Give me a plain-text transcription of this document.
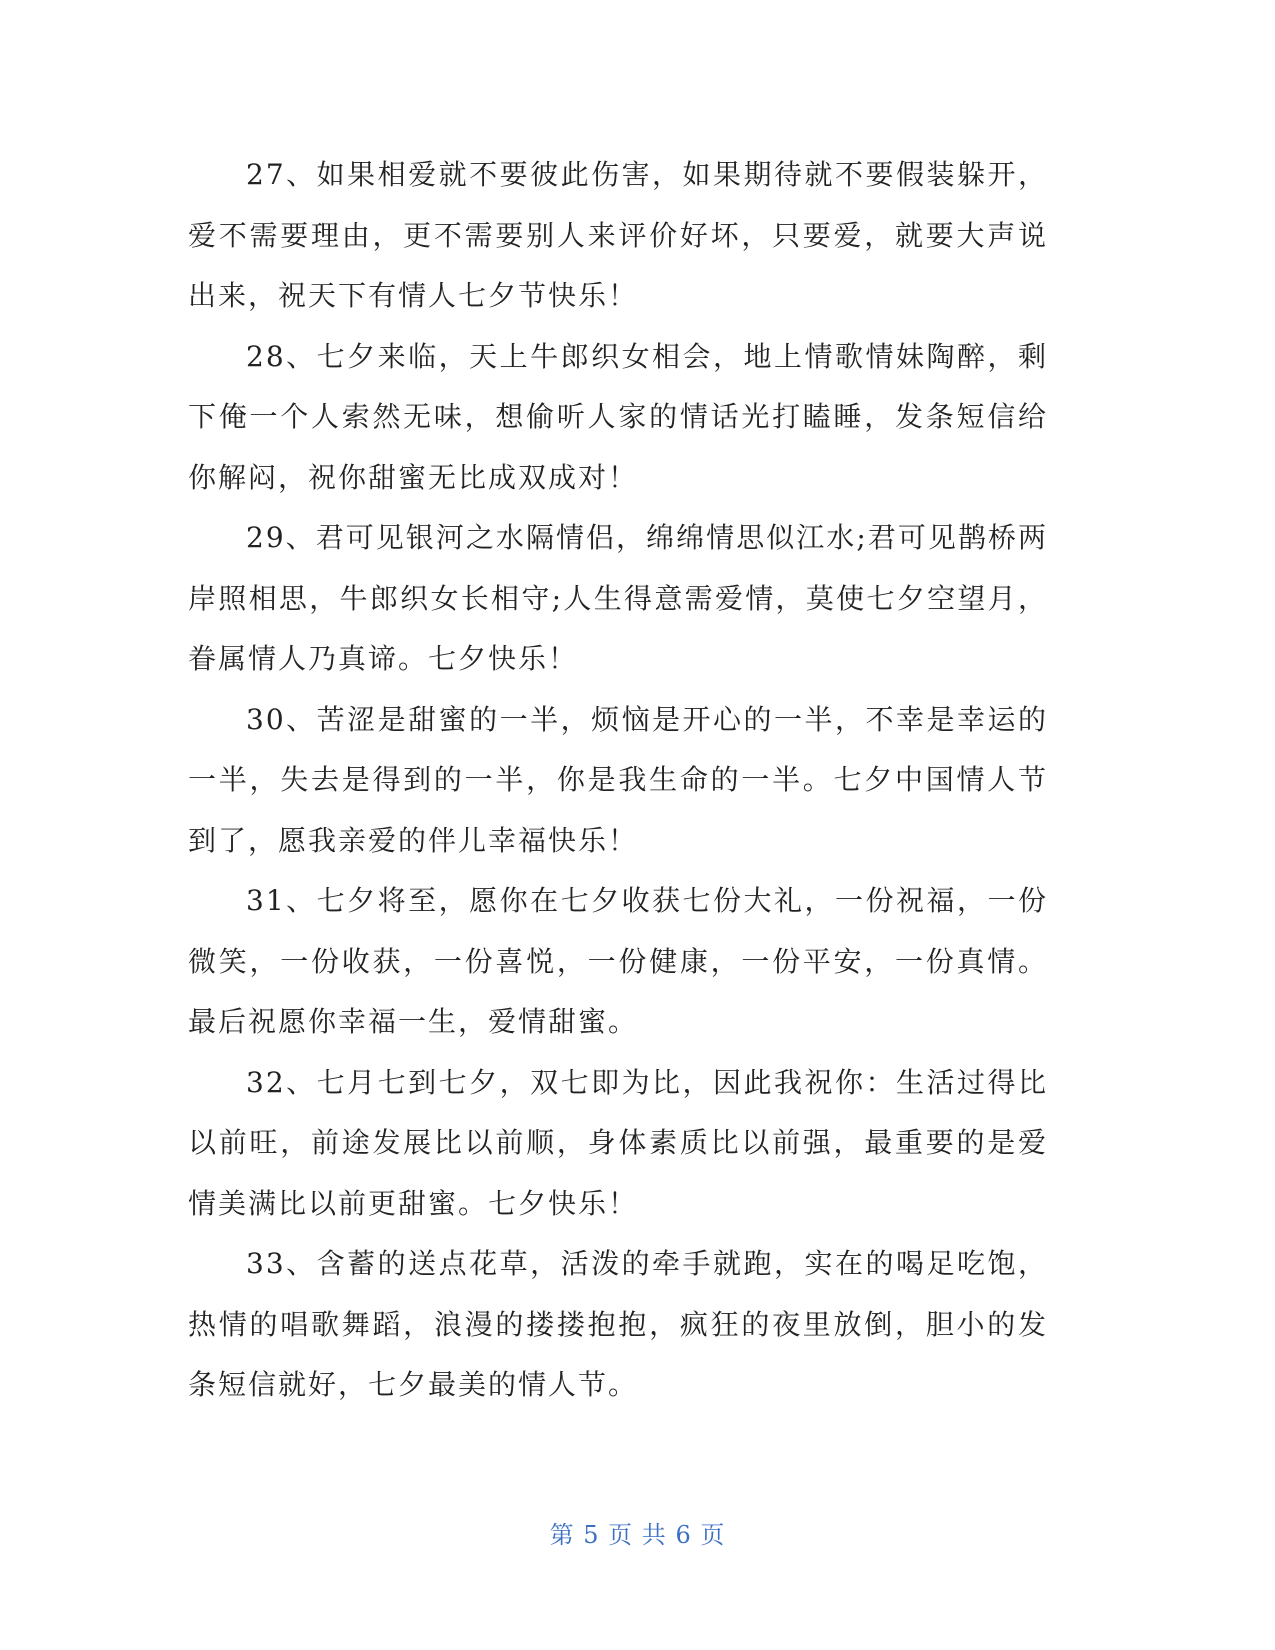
27、如果相爱就不要彼此伤害，如果期待就不要假装躲开，爱不需要理由，更不需要别人来评价好坏，只要爱，就要大声说出来，祝天下有情人七夕节快乐！

28、七夕来临，天上牛郎织女相会，地上情歌情妹陶醉，剩下俺一个人索然无味，想偷听人家的情话光打瞌睡，发条短信给你解闷，祝你甜蜜无比成双成对！

29、君可见银河之水隔情侣，绵绵情思似江水;君可见鹊桥两岸照相思，牛郎织女长相守;人生得意需爱情，莫使七夕空望月，眷属情人乃真谛。七夕快乐！

30、苦涩是甜蜜的一半，烦恼是开心的一半，不幸是幸运的一半，失去是得到的一半，你是我生命的一半。七夕中国情人节到了，愿我亲爱的伴儿幸福快乐！

31、七夕将至，愿你在七夕收获七份大礼，一份祝福，一份微笑，一份收获，一份喜悦，一份健康，一份平安，一份真情。最后祝愿你幸福一生，爱情甜蜜。

32、七月七到七夕，双七即为比，因此我祝你：生活过得比以前旺，前途发展比以前顺，身体素质比以前强，最重要的是爱情美满比以前更甜蜜。七夕快乐！

33、含蓄的送点花草，活泼的牵手就跑，实在的喝足吃饱，热情的唱歌舞蹈，浪漫的搂搂抱抱，疯狂的夜里放倒，胆小的发条短信就好，七夕最美的情人节。

第 5 页 共 6 页
